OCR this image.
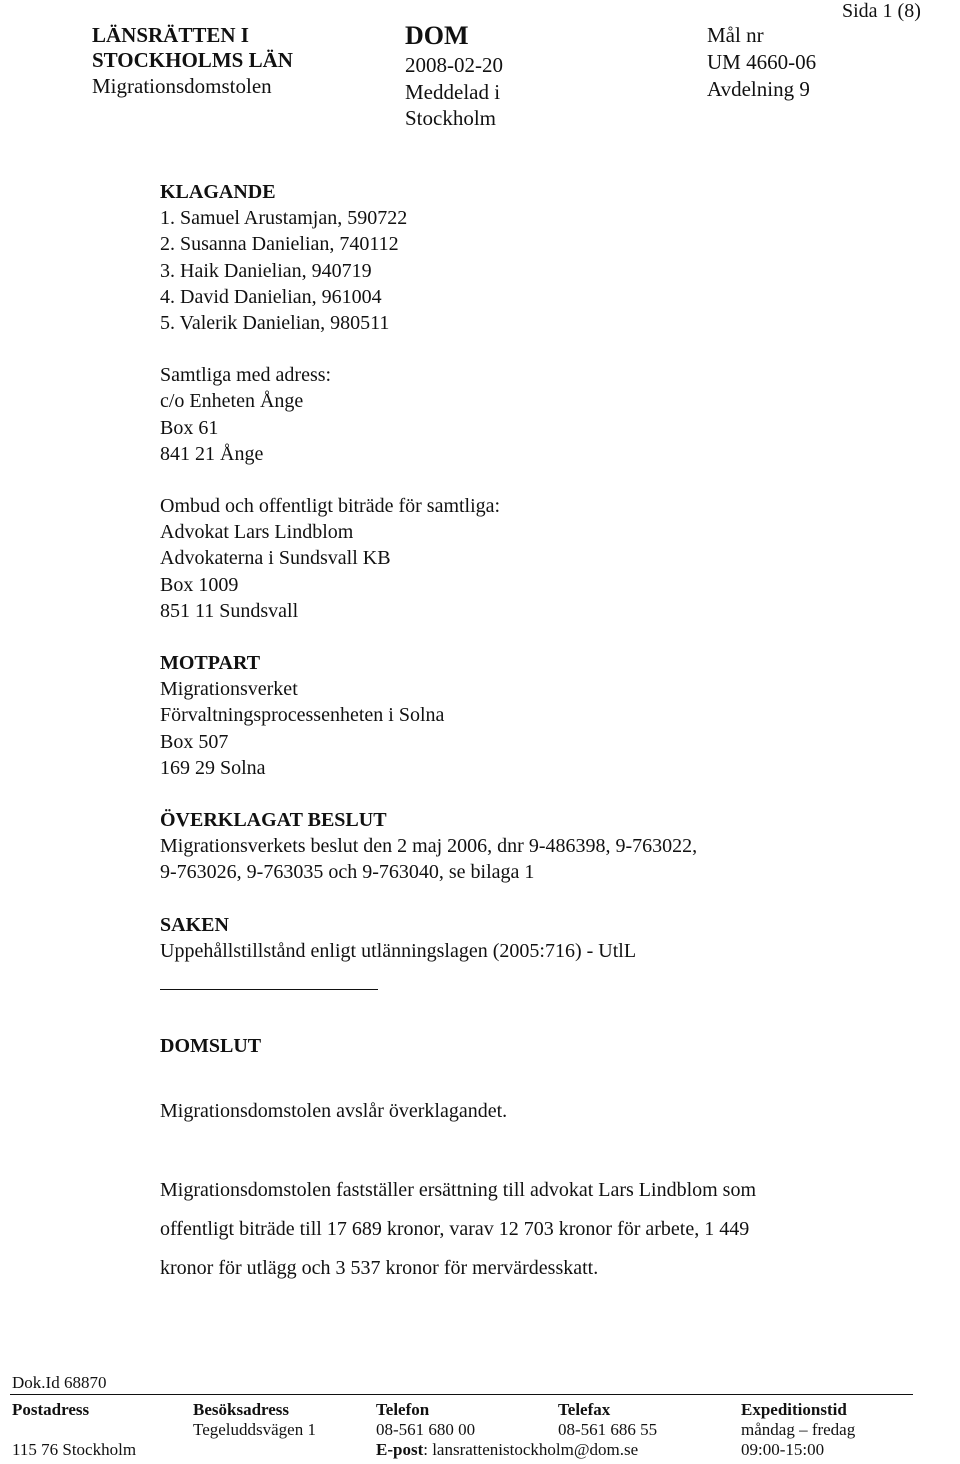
LÄNSRÄTTEN I
STOCKHOLMS LÄN
Migrationsdomstolen
DOM
2008-02-20
Meddelad i
Stockholm
Mål nr
UM 4660-06
Avdelning 9
Sida 1 (8)
KLAGANDE
1. Samuel Arustamjan, 590722
2. Susanna Danielian, 740112
3. Haik Danielian, 940719
4. David Danielian, 961004
5. Valerik Danielian, 980511
Samtliga med adress:
c/o Enheten Ånge
Box 61
841 21 Ånge
Ombud och offentligt biträde för samtliga:
Advokat Lars Lindblom
Advokaterna i Sundsvall KB
Box 1009
851 11 Sundsvall
MOTPART
Migrationsverket
Förvaltningsprocessenheten i Solna
Box 507
169 29 Solna
ÖVERKLAGAT BESLUT
Migrationsverkets beslut den 2 maj 2006, dnr 9-486398, 9-763022,
9-763026, 9-763035 och 9-763040, se bilaga 1
SAKEN
Uppehållstillstånd enligt utlänningslagen (2005:716) - UtlL
DOMSLUT
Migrationsdomstolen avslår överklagandet.
Migrationsdomstolen fastställer ersättning till advokat Lars Lindblom som
offentligt biträde till 17 689 kronor, varav 12 703 kronor för arbete, 1 449
kronor för utlägg och 3 537 kronor för mervärdesskatt.
Dok.Id 68870
Postadress
115 76 Stockholm
Besöksadress
Tegeluddsvägen 1
Telefon
08-561 680 00
E-post: lansrattenistockholm@dom.se
Telefax
08-561 686 55
Expeditionstid
måndag – fredag
09:00-15:00
